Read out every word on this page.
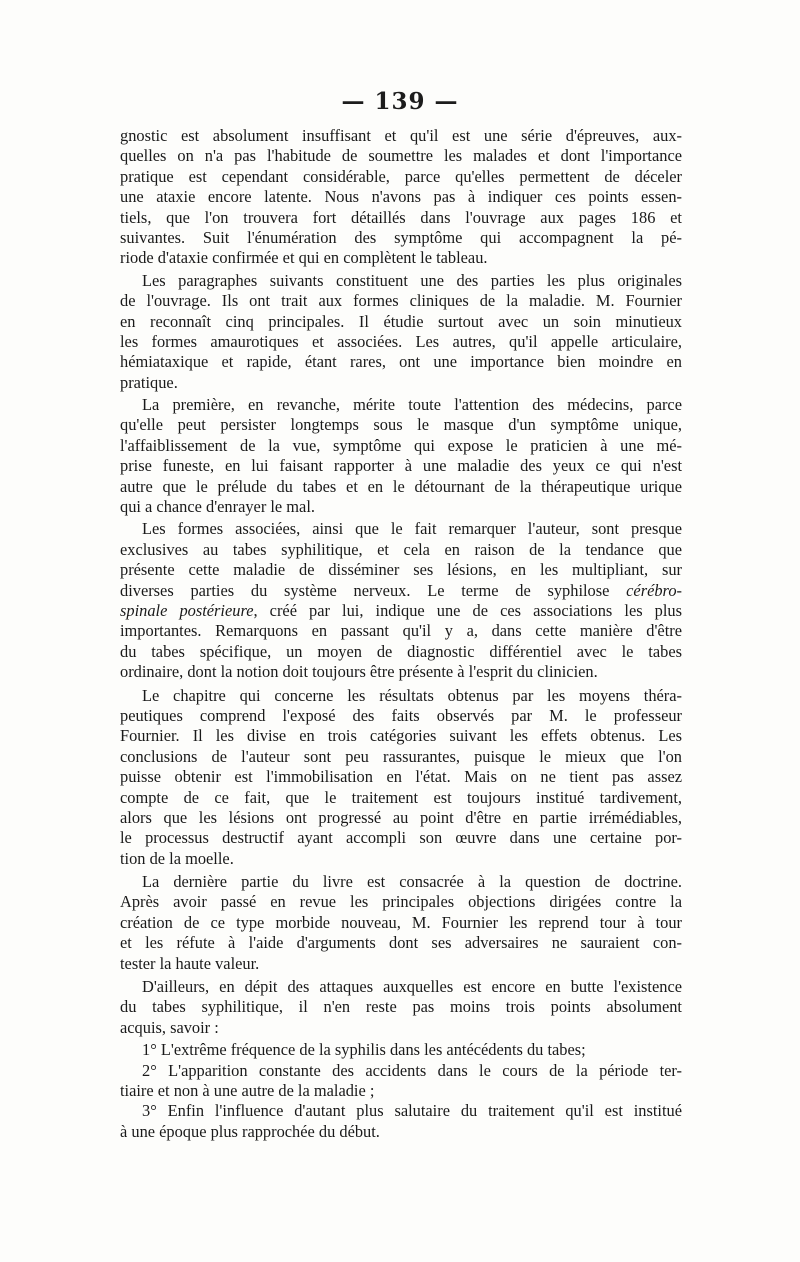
— 139 —
gnostic est absolument insuffisant et qu'il est une série d'épreuves, aux-
quelles on n'a pas l'habitude de soumettre les malades et dont l'importance
pratique est cependant considérable, parce qu'elles permettent de déceler
une ataxie encore latente. Nous n'avons pas à indiquer ces points essen-
tiels, que l'on trouvera fort détaillés dans l'ouvrage aux pages 186 et
suivantes. Suit l'énumération des symptôme qui accompagnent la pé-
riode d'ataxie confirmée et qui en complètent le tableau.
Les paragraphes suivants constituent une des parties les plus originales
de l'ouvrage. Ils ont trait aux formes cliniques de la maladie. M. Fournier
en reconnaît cinq principales. Il étudie surtout avec un soin minutieux
les formes amaurotiques et associées. Les autres, qu'il appelle articulaire,
hémiataxique et rapide, étant rares, ont une importance bien moindre en
pratique.
La première, en revanche, mérite toute l'attention des médecins, parce
qu'elle peut persister longtemps sous le masque d'un symptôme unique,
l'affaiblissement de la vue, symptôme qui expose le praticien à une mé-
prise funeste, en lui faisant rapporter à une maladie des yeux ce qui n'est
autre que le prélude du tabes et en le détournant de la thérapeutique urique
qui a chance d'enrayer le mal.
Les formes associées, ainsi que le fait remarquer l'auteur, sont presque
exclusives au tabes syphilitique, et cela en raison de la tendance que
présente cette maladie de disséminer ses lésions, en les multipliant, sur
diverses parties du système nerveux. Le terme de syphilose cérébro-
spinale postérieure, créé par lui, indique une de ces associations les plus
importantes. Remarquons en passant qu'il y a, dans cette manière d'être
du tabes spécifique, un moyen de diagnostic différentiel avec le tabes
ordinaire, dont la notion doit toujours être présente à l'esprit du clinicien.
Le chapitre qui concerne les résultats obtenus par les moyens théra-
peutiques comprend l'exposé des faits observés par M. le professeur
Fournier. Il les divise en trois catégories suivant les effets obtenus. Les
conclusions de l'auteur sont peu rassurantes, puisque le mieux que l'on
puisse obtenir est l'immobilisation en l'état. Mais on ne tient pas assez
compte de ce fait, que le traitement est toujours institué tardivement,
alors que les lésions ont progressé au point d'être en partie irrémédiables,
le processus destructif ayant accompli son œuvre dans une certaine por-
tion de la moelle.
La dernière partie du livre est consacrée à la question de doctrine.
Après avoir passé en revue les principales objections dirigées contre la
création de ce type morbide nouveau, M. Fournier les reprend tour à tour
et les réfute à l'aide d'arguments dont ses adversaires ne sauraient con-
tester la haute valeur.
D'ailleurs, en dépit des attaques auxquelles est encore en butte l'existence
du tabes syphilitique, il n'en reste pas moins trois points absolument
acquis, savoir :
1° L'extrême fréquence de la syphilis dans les antécédents du tabes;
2° L'apparition constante des accidents dans le cours de la période ter-
tiaire et non à une autre de la maladie ;
3° Enfin l'influence d'autant plus salutaire du traitement qu'il est institué
à une époque plus rapprochée du début.
